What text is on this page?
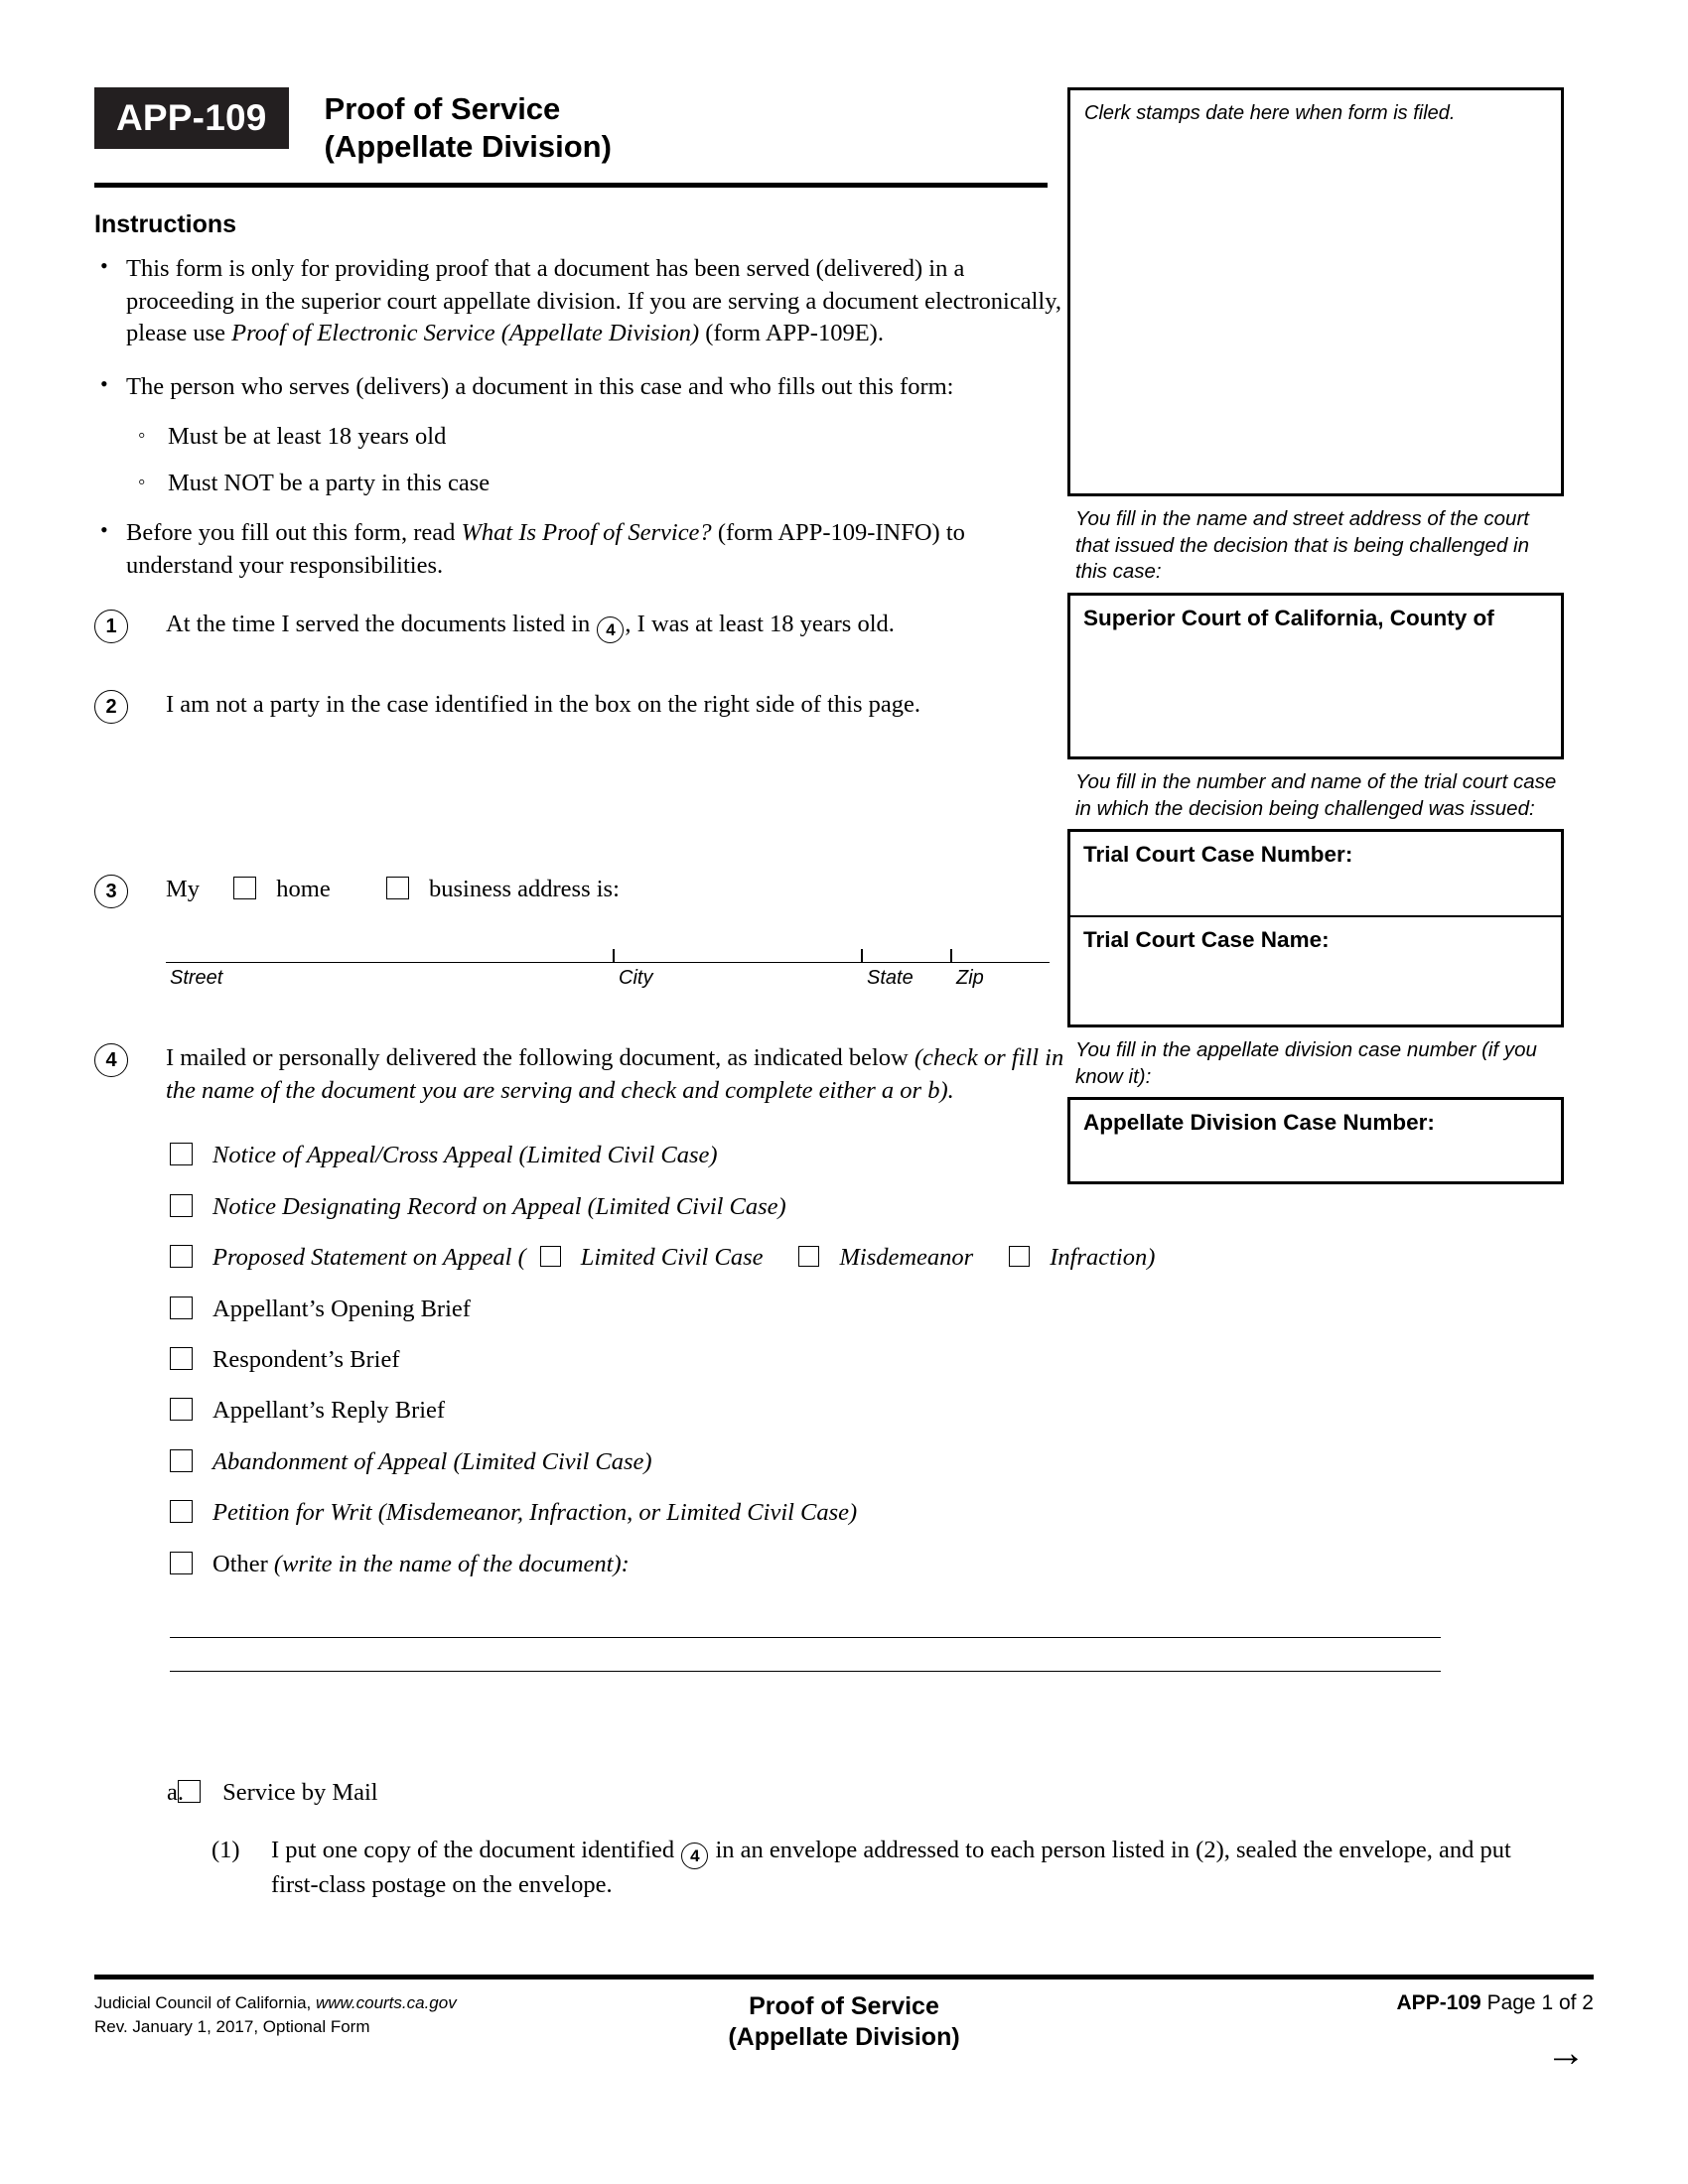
APP-109	Proof of Service
(Appellate Division)
Instructions
• This form is only for providing proof that a document has been served (delivered) in a proceeding in the superior court appellate division. If you are serving a document electronically, please use Proof of Electronic Service (Appellate Division) (form APP-109E).
• The person who serves (delivers) a document in this case and who fills out this form:
◦ Must be at least 18 years old
◦ Must NOT be a party in this case
• Before you fill out this form, read What Is Proof of Service? (form APP-109-INFO) to understand your responsibilities.
1	At the time I served the documents listed in 4 , I was at least 18 years old.
2	I am not a party in the case identified in the box on the right side of this page.
3	My	home	business address is:
Street	City	State Zip
4	I mailed or personally delivered the following document, as indicated below (check or fill in the name of the document you are serving and check and complete either a or b).
Notice of Appeal/Cross Appeal (Limited Civil Case)
Notice Designating Record on Appeal (Limited Civil Case)
Proposed Statement on Appeal ( Limited Civil Case	Misdemeanor	Infraction)
Appellant’s Opening Brief
Respondent’s Brief
Appellant’s Reply Brief
Abandonment of Appeal (Limited Civil Case)
Petition for Writ (Misdemeanor, Infraction, or Limited Civil Case)
Other (write in the name of the document):
a. Service by Mail
(1) I put one copy of the document identified 4 in an envelope addressed to each person listed in (2), sealed the envelope, and put first-class postage on the envelope.
Clerk stamps date here when form is filed.
You fill in the name and street address of the court that issued the decision that is being challenged in this case:
Superior Court of California, County of
You fill in the number and name of the trial court case in which the decision being challenged was issued:
Trial Court Case Number:
Trial Court Case Name:
You fill in the appellate division case number (if you know it):
Appellate Division Case Number:
Judicial Council of California, www.courts.ca.gov
Rev. January 1, 2017, Optional Form
Proof of Service
(Appellate Division)
APP-109 Page 1 of 2
→
